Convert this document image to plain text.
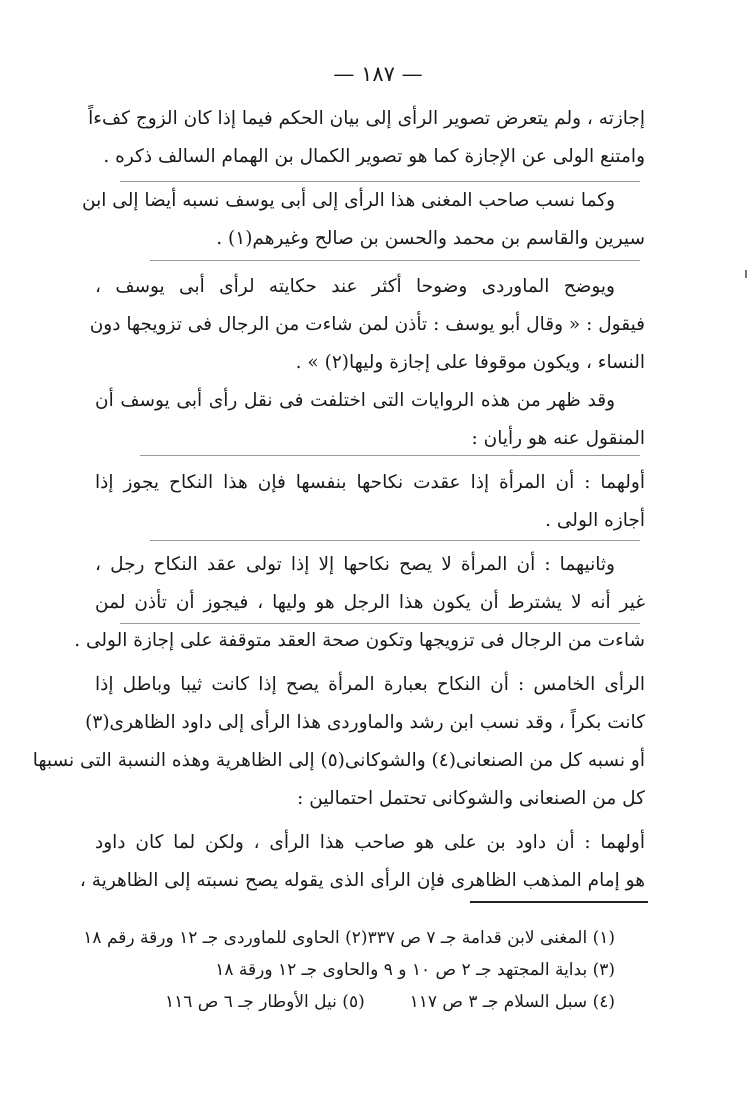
— ١٨٧ —
إجازته ، ولم يتعرض تصوير الرأى إلى بيان الحكم فيما إذا كان الزوج كفءاً
وامتنع الولى عن الإجازة كما هو تصوير الكمال بن الهمام السالف ذكره .
وكما نسب صاحب المغنى هذا الرأى إلى أبى يوسف نسبه أيضا إلى ابن
سيرين والقاسم بن محمد والحسن بن صالح وغيرهم(١) .
ويوضح الماوردى وضوحا أكثر عند حكايته لرأى أبى يوسف ،
فيقول : « وقال أبو يوسف : تأذن لمن شاءت من الرجال فى تزويجها دون
النساء ، ويكون موقوفا على إجازة وليها(٢) » .
وقد ظهر من هذه الروايات التى اختلفت فى نقل رأى أبى يوسف أن
المنقول عنه هو رأيان :
أولهما : أن المرأة إذا عقدت نكاحها بنفسها فإن هذا النكاح يجوز إذا
أجازه الولى .
وثانيهما : أن المرأة لا يصح نكاحها إلا إذا تولى عقد النكاح رجل ،
غير أنه لا يشترط أن يكون هذا الرجل هو وليها ، فيجوز أن تأذن لمن
شاءت من الرجال فى تزويجها وتكون صحة العقد متوقفة على إجازة الولى .
الرأى الخامس : أن النكاح بعبارة المرأة يصح إذا كانت ثيبا وباطل إذا
كانت بكراً ، وقد نسب ابن رشد والماوردى هذا الرأى إلى داود الظاهرى(٣)
أو نسبه كل من الصنعانى(٤) والشوكانى(٥) إلى الظاهرية وهذه النسبة التى نسبها
كل من الصنعانى والشوكانى تحتمل احتمالين :
أولهما : أن داود بن على هو صاحب هذا الرأى ، ولكن لما كان داود
هو إمام المذهب الظاهرى فإن الرأى الذى يقوله يصح نسبته إلى الظاهرية ،
(١) المغنى لابن قدامة جـ ٧ ص ٣٣٧
(٢) الحاوى للماوردى جـ ١٢ ورقة رقم ١٨
(٣) بداية المجتهد جـ ٢ ص ١٠ و ٩ والحاوى جـ ١٢ ورقة ١٨
(٤) سبل السلام جـ ٣ ص ١١٧
(٥) نيل الأوطار جـ ٦ ص ١١٦
